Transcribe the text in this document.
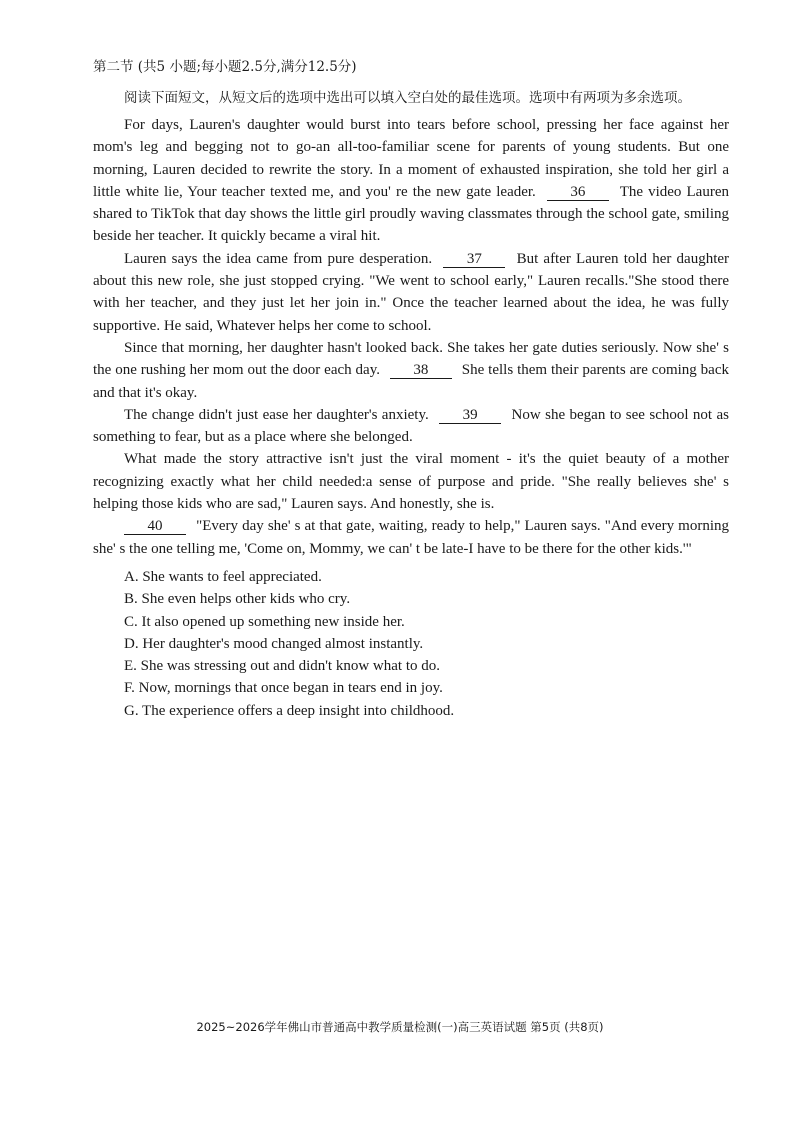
第二节 (共5 小题;每小题2.5分,满分12.5分)
阅读下面短文，从短文后的选项中选出可以填入空白处的最佳选项。选项中有两项为多余选项。

For days, Lauren's daughter would burst into tears before school, pressing her face against her mom's leg and begging not to go-an all-too-familiar scene for parents of young students. But one morning, Lauren decided to rewrite the story. In a moment of exhausted inspiration, she told her girl a little white lie, Your teacher texted me, and you' re the new gate leader. 36 The video Lauren shared to TikTok that day shows the little girl proudly waving classmates through the school gate, smiling beside her teacher. It quickly became a viral hit.

Lauren says the idea came from pure desperation. 37 But after Lauren told her daughter about this new role, she just stopped crying. "We went to school early," Lauren recalls."She stood there with her teacher, and they just let her join in." Once the teacher learned about the idea, he was fully supportive. He said, Whatever helps her come to school.

Since that morning, her daughter hasn't looked back. She takes her gate duties seriously. Now she' s the one rushing her mom out the door each day. 38 She tells them their parents are coming back and that it's okay.

The change didn't just ease her daughter's anxiety. 39 Now she began to see school not as something to fear, but as a place where she belonged.

What made the story attractive isn't just the viral moment - it's the quiet beauty of a mother recognizing exactly what her child needed:a sense of purpose and pride. "She really believes she' s helping those kids who are sad," Lauren says. And honestly, she is.

40 "Every day she' s at that gate, waiting, ready to help," Lauren says. "And every morning she' s the one telling me, 'Come on, Mommy, we can' t be late-I have to be there for the other kids.'"

A. She wants to feel appreciated.
B. She even helps other kids who cry.
C. It also opened up something new inside her.
D. Her daughter's mood changed almost instantly.
E. She was stressing out and didn't know what to do.
F. Now, mornings that once began in tears end in joy.
G. The experience offers a deep insight into childhood.
2025~2026学年佛山市普通高中教学质量检测(一)高三英语试题 第5页 (共8页)
